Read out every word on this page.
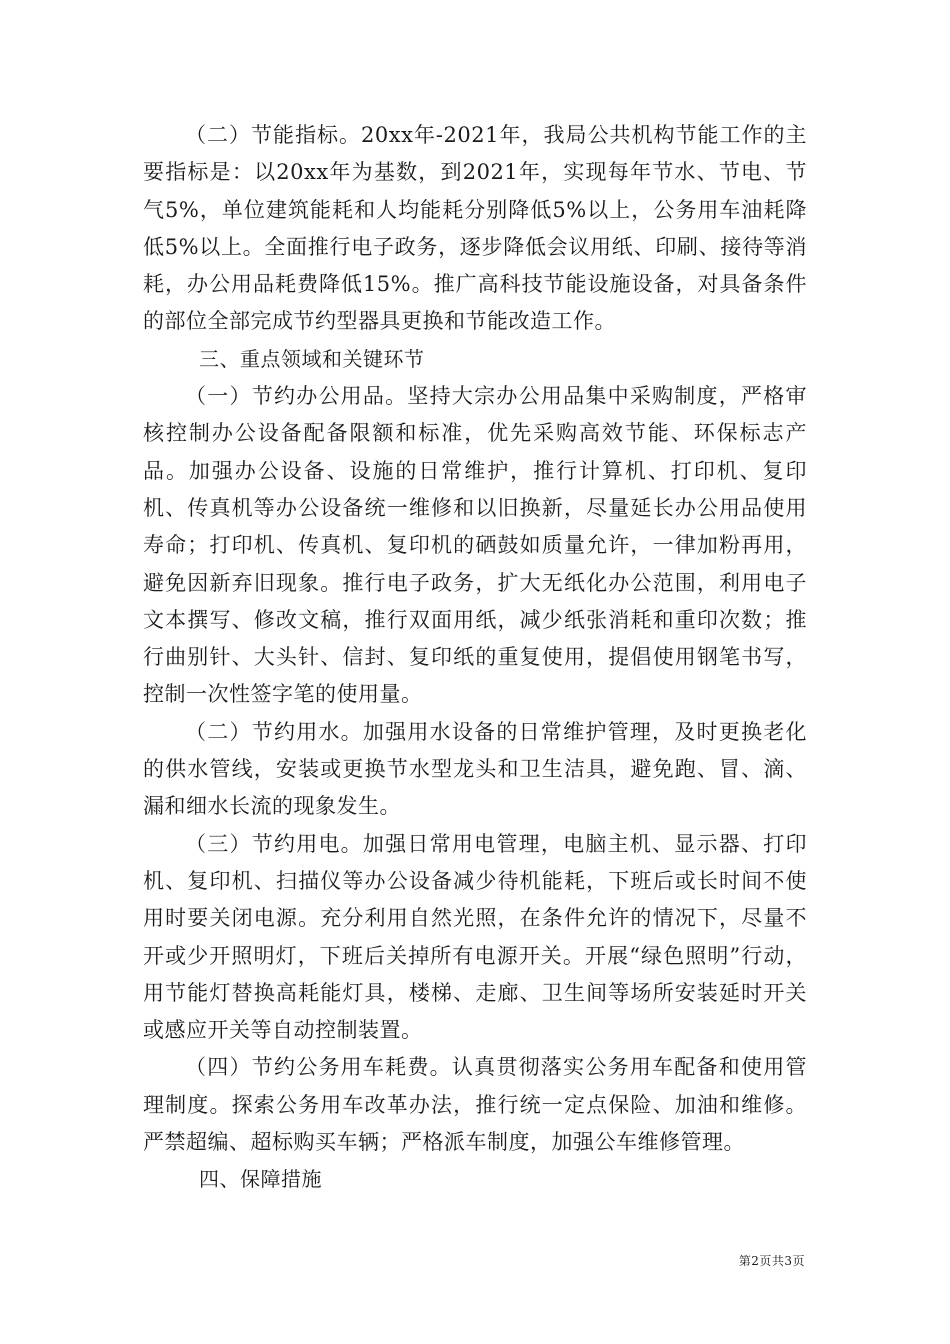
（二）节能指标。20xx年-2021年，我局公共机构节能工作的主要指标是：以20xx年为基数，到2021年，实现每年节水、节电、节气5%，单位建筑能耗和人均能耗分别降低5%以上，公务用车油耗降低5%以上。全面推行电子政务，逐步降低会议用纸、印刷、接待等消耗，办公用品耗费降低15%。推广高科技节能设施设备，对具备条件的部位全部完成节约型器具更换和节能改造工作。

三、重点领域和关键环节

（一）节约办公用品。坚持大宗办公用品集中采购制度，严格审核控制办公设备配备限额和标准，优先采购高效节能、环保标志产品。加强办公设备、设施的日常维护，推行计算机、打印机、复印机、传真机等办公设备统一维修和以旧换新，尽量延长办公用品使用寿命；打印机、传真机、复印机的硒鼓如质量允许，一律加粉再用，避免因新弃旧现象。推行电子政务，扩大无纸化办公范围，利用电子文本撰写、修改文稿，推行双面用纸，减少纸张消耗和重印次数；推行曲别针、大头针、信封、复印纸的重复使用，提倡使用钢笔书写，控制一次性签字笔的使用量。

（二）节约用水。加强用水设备的日常维护管理，及时更换老化的供水管线，安装或更换节水型龙头和卫生洁具，避免跑、冒、滴、漏和细水长流的现象发生。

（三）节约用电。加强日常用电管理，电脑主机、显示器、打印机、复印机、扫描仪等办公设备减少待机能耗，下班后或长时间不使用时要关闭电源。充分利用自然光照，在条件允许的情况下，尽量不开或少开照明灯，下班后关掉所有电源开关。开展“绿色照明”行动，用节能灯替换高耗能灯具，楼梯、走廊、卫生间等场所安装延时开关或感应开关等自动控制装置。

（四）节约公务用车耗费。认真贯彻落实公务用车配备和使用管理制度。探索公务用车改革办法，推行统一定点保险、加油和维修。严禁超编、超标购买车辆；严格派车制度，加强公车维修管理。

四、保障措施

第2页共3页
